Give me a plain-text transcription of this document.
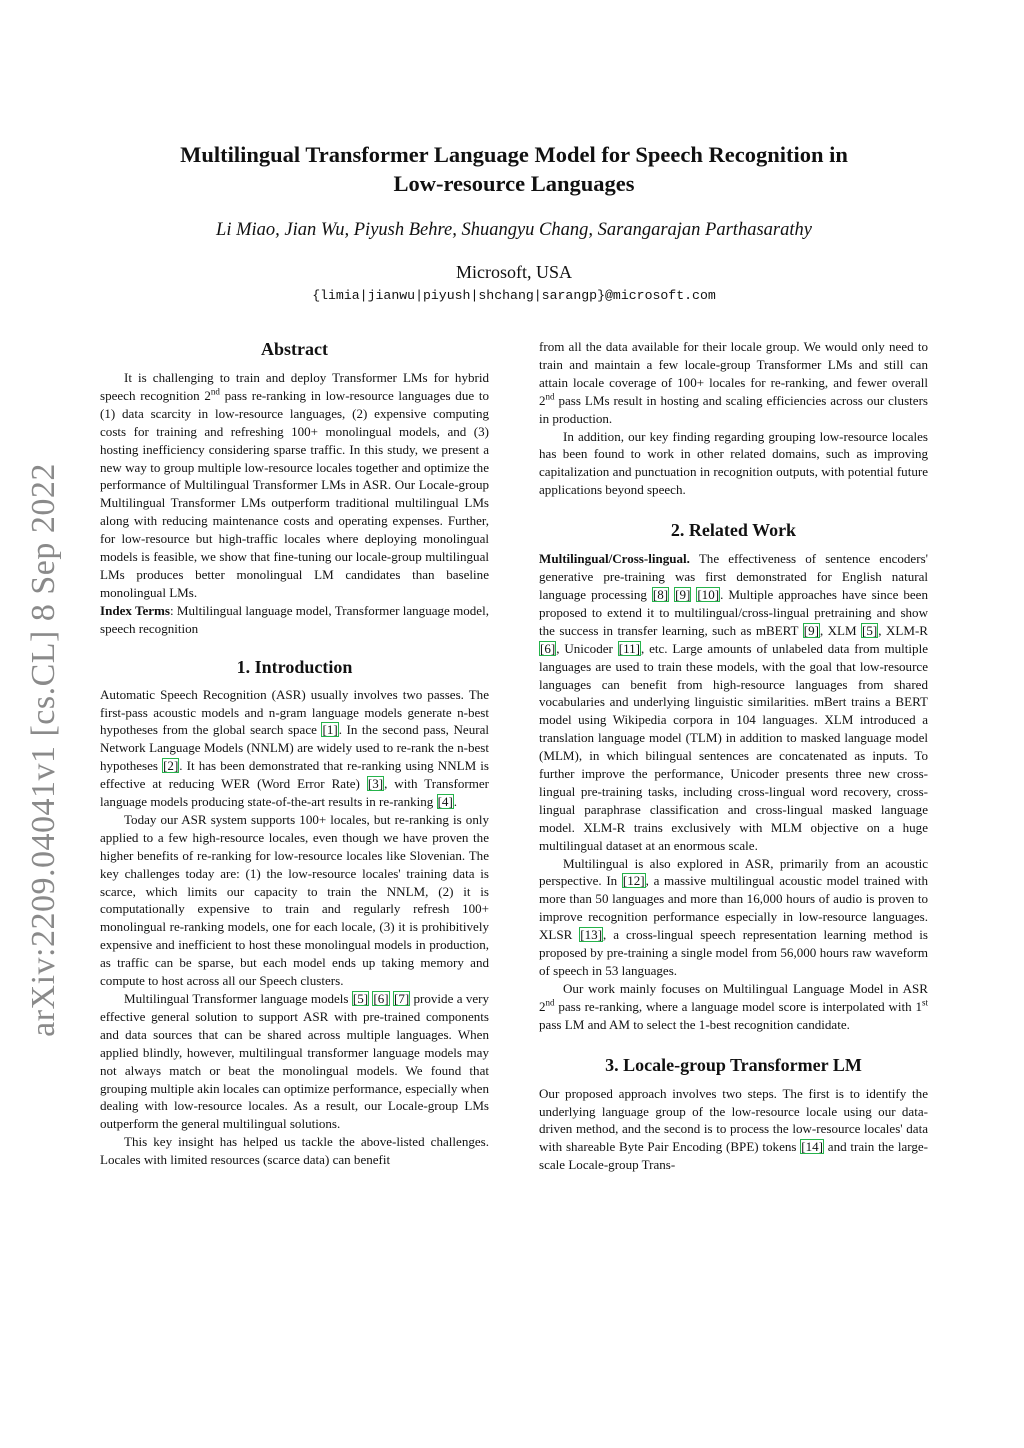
arXiv:2209.04041v1 [cs.CL] 8 Sep 2022
Multilingual Transformer Language Model for Speech Recognition in
Low-resource Languages
Li Miao, Jian Wu, Piyush Behre, Shuangyu Chang, Sarangarajan Parthasarathy
Microsoft, USA
{limia|jianwu|piyush|shchang|sarangp}@microsoft.com
Abstract

It is challenging to train and deploy Transformer LMs for hybrid speech recognition 2nd pass re-ranking in low-resource languages due to (1) data scarcity in low-resource languages, (2) expensive computing costs for training and refreshing 100+ monolingual models, and (3) hosting inefficiency considering sparse traffic. In this study, we present a new way to group multiple low-resource locales together and optimize the performance of Multilingual Transformer LMs in ASR. Our Locale-group Multilingual Transformer LMs outperform traditional multilingual LMs along with reducing maintenance costs and operating expenses. Further, for low-resource but high-traffic locales where deploying monolingual models is feasible, we show that fine-tuning our locale-group multilingual LMs produces better monolingual LM candidates than baseline monolingual LMs.

Index Terms: Multilingual language model, Transformer language model, speech recognition

1. Introduction

Automatic Speech Recognition (ASR) usually involves two passes. The first-pass acoustic models and n-gram language models generate n-best hypotheses from the global search space [1]. In the second pass, Neural Network Language Models (NNLM) are widely used to re-rank the n-best hypotheses [2]. It has been demonstrated that re-ranking using NNLM is effective at reducing WER (Word Error Rate) [3], with Transformer language models producing state-of-the-art results in re-ranking [4].

Today our ASR system supports 100+ locales, but re-ranking is only applied to a few high-resource locales, even though we have proven the higher benefits of re-ranking for low-resource locales like Slovenian. The key challenges today are: (1) the low-resource locales' training data is scarce, which limits our capacity to train the NNLM, (2) it is computationally expensive to train and regularly refresh 100+ monolingual re-ranking models, one for each locale, (3) it is prohibitively expensive and inefficient to host these monolingual models in production, as traffic can be sparse, but each model ends up taking memory and compute to host across all our Speech clusters.

Multilingual Transformer language models [5] [6] [7] provide a very effective general solution to support ASR with pre-trained components and data sources that can be shared across multiple languages. When applied blindly, however, multilingual transformer language models may not always match or beat the monolingual models. We found that grouping multiple akin locales can optimize performance, especially when dealing with low-resource locales. As a result, our Locale-group LMs outperform the general multilingual solutions.

This key insight has helped us tackle the above-listed challenges. Locales with limited resources (scarce data) can benefit

from all the data available for their locale group. We would only need to train and maintain a few locale-group Transformer LMs and still can attain locale coverage of 100+ locales for re-ranking, and fewer overall 2nd pass LMs result in hosting and scaling efficiencies across our clusters in production.

In addition, our key finding regarding grouping low-resource locales has been found to work in other related domains, such as improving capitalization and punctuation in recognition outputs, with potential future applications beyond speech.

2. Related Work

Multilingual/Cross-lingual. The effectiveness of sentence encoders' generative pre-training was first demonstrated for English natural language processing [8] [9] [10]. Multiple approaches have since been proposed to extend it to multilingual/cross-lingual pretraining and show the success in transfer learning, such as mBERT [9], XLM [5], XLM-R [6], Unicoder [11], etc. Large amounts of unlabeled data from multiple languages are used to train these models, with the goal that low-resource languages can benefit from high-resource languages from shared vocabularies and underlying linguistic similarities. mBert trains a BERT model using Wikipedia corpora in 104 languages. XLM introduced a translation language model (TLM) in addition to masked language model (MLM), in which bilingual sentences are concatenated as inputs. To further improve the performance, Unicoder presents three new cross-lingual pre-training tasks, including cross-lingual word recovery, cross-lingual paraphrase classification and cross-lingual masked language model. XLM-R trains exclusively with MLM objective on a huge multilingual dataset at an enormous scale.

Multilingual is also explored in ASR, primarily from an acoustic perspective. In [12], a massive multilingual acoustic model trained with more than 50 languages and more than 16,000 hours of audio is proven to improve recognition performance especially in low-resource languages. XLSR [13], a cross-lingual speech representation learning method is proposed by pre-training a single model from 56,000 hours raw waveform of speech in 53 languages.

Our work mainly focuses on Multilingual Language Model in ASR 2nd pass re-ranking, where a language model score is interpolated with 1st pass LM and AM to select the 1-best recognition candidate.

3. Locale-group Transformer LM

Our proposed approach involves two steps. The first is to identify the underlying language group of the low-resource locale using our data-driven method, and the second is to process the low-resource locales' data with shareable Byte Pair Encoding (BPE) tokens [14] and train the large-scale Locale-group Trans-
